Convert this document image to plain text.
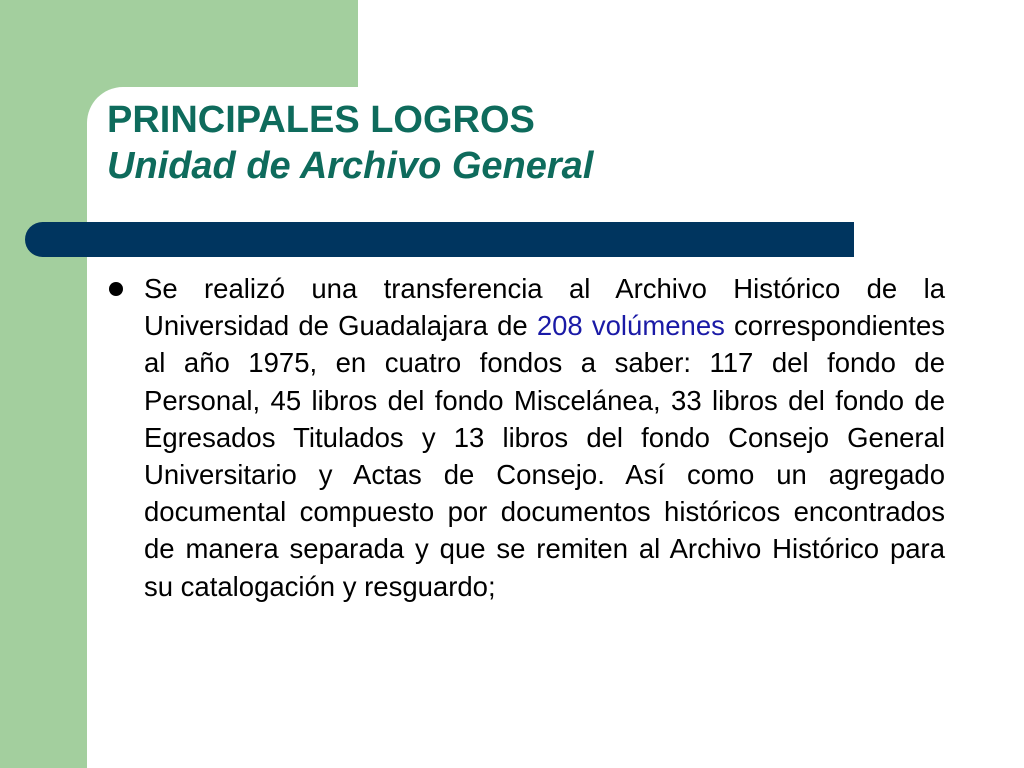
PRINCIPALES LOGROS
Unidad de Archivo General
Se realizó una transferencia al Archivo Histórico de la Universidad de Guadalajara de 208 volúmenes correspondientes al año 1975, en cuatro fondos a saber: 117 del fondo de Personal, 45 libros del fondo Miscelánea, 33 libros del fondo de Egresados Titulados y 13 libros del fondo Consejo General Universitario y Actas de Consejo. Así como un agregado documental compuesto por documentos históricos encontrados de manera separada y que se remiten al Archivo Histórico para su catalogación y resguardo;
